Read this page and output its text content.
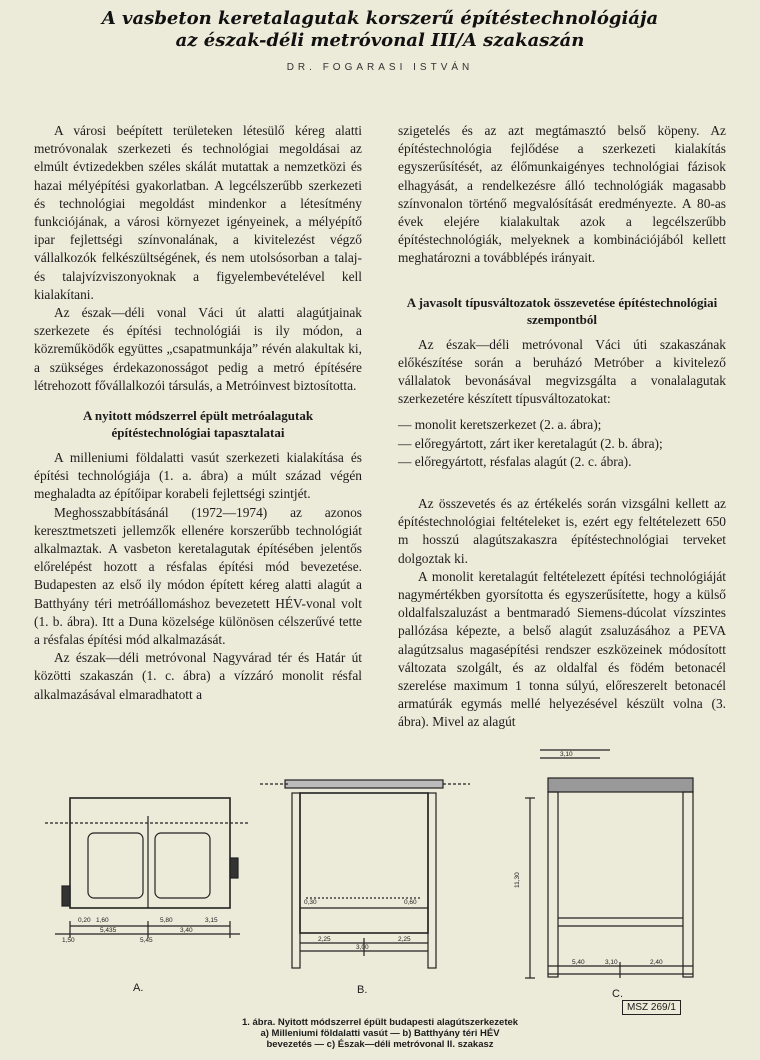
A vasbeton keretalagutak korszerű építéstechnológiája
az észak-déli metróvonal III/A szakaszán
DR. FOGARASI ISTVÁN

A városi beépített területeken létesülő kéreg alatti metróvonalak szerkezeti és technológiai megoldásai az elmúlt évtizedekben széles skálát mutattak a nemzetközi és hazai mélyépítési gyakorlatban. A legcélszerűbb szerkezeti és technológiai megoldást mindenkor a létesítmény funkciójának, a városi környezet igényeinek, a mélyépítő ipar fejlettségi színvonalának, a kivitelezést végző vállalkozók felkészültségének, és nem utolsósorban a talaj- és talajvízviszonyoknak a figyelembevételével kell kialakítani.

Az észak—déli vonal Váci út alatti alagútjainak szerkezete és építési technológiái is ily módon, a közreműködők együttes „csapatmunkája” révén alakultak ki, a szükséges érdekazonosságot pedig a metró építésére létrehozott fővállalkozói társulás, a Metróinvest biztosította.

A nyitott módszerrel épült metróalagutak építéstechnológiai tapasztalatai

A milleniumi földalatti vasút szerkezeti kialakítása és építési technológiája (1. a. ábra) a múlt század végén meghaladta az építőipar korabeli fejlettségi szintjét.

Meghosszabbításánál (1972—1974) az azonos keresztmetszeti jellemzők ellenére korszerűbb technológiát alkalmaztak. A vasbeton keretalagutak építésében jelentős előrelépést hozott a résfalas építési mód bevezetése. Budapesten az első ily módon épített kéreg alatti alagút a Batthyány téri metróállomáshoz bevezetett HÉV-vonal volt (1. b. ábra). Itt a Duna közelsége különösen célszerűvé tette a résfalas építési mód alkalmazását.

Az észak—déli metróvonal Nagyvárad tér és Határ út közötti szakaszán (1. c. ábra) a vízzáró monolit résfal alkalmazásával elmaradhatott a

szigetelés és az azt megtámasztó belső köpeny. Az építéstechnológia fejlődése a szerkezeti kialakítás egyszerűsítését, az élőmunkaigényes technológiai fázisok elhagyását, a rendelkezésre álló technológiák magasabb színvonalon történő megvalósítását eredményezte. A 80-as évek elejére kialakultak azok a legcélszerűbb építéstechnológiák, melyeknek a kombinációjából kellett meghatározni a továbblépés irányait.

A javasolt típusváltozatok összevetése építéstechnológiai szempontból

Az észak—déli metróvonal Váci úti szakaszának előkészítése során a beruházó Metróber a kivitelező vállalatok bevonásával megvizsgálta a vonalalagutak szerkezetére készített típusváltozatokat:

— monolit keretszerkezet (2. a. ábra);
— előregyártott, zárt iker keretalagút (2. b. ábra);
— előregyártott, résfalas alagút (2. c. ábra).

Az összevetés és az értékelés során vizsgálni kellett az építéstechnológiai feltételeket is, ezért egy feltételezett 650 m hosszú alagútszakaszra építéstechnológiai terveket dolgoztak ki.

A monolit keretalagút feltételezett építési technológiáját nagymértékben gyorsította és egyszerűsítette, hogy a külső oldalfalszaluzást a bentmaradó Siemens-dúcolat vízszintes pallózása képezte, a belső alagút zsaluzásához a PEVA alagútzsalus magasépítési rendszer eszközeinek módosított változata szolgált, és az oldalfal és födém betonacél szerelése maximum 1 tonna súlyú, előreszerelt betonacél armatúrák egymás mellé helyezésével készült volna (3. ábra). Mivel az alagút

1,60
5,435
5,80
3,40
3,15
0,20
1,50	5,45	2,25
3,00
2,25
0,30	0,60
5,40	3,10	2,40
11,30
3,10
A.	B.	C.
MSZ 269/1
1. ábra. Nyitott módszerrel épült budapesti alagútszerkezetek
a) Milleniumi földalatti vasút — b) Batthyány téri HÉV
bevezetés — c) Észak—déli metróvonal II. szakasz
